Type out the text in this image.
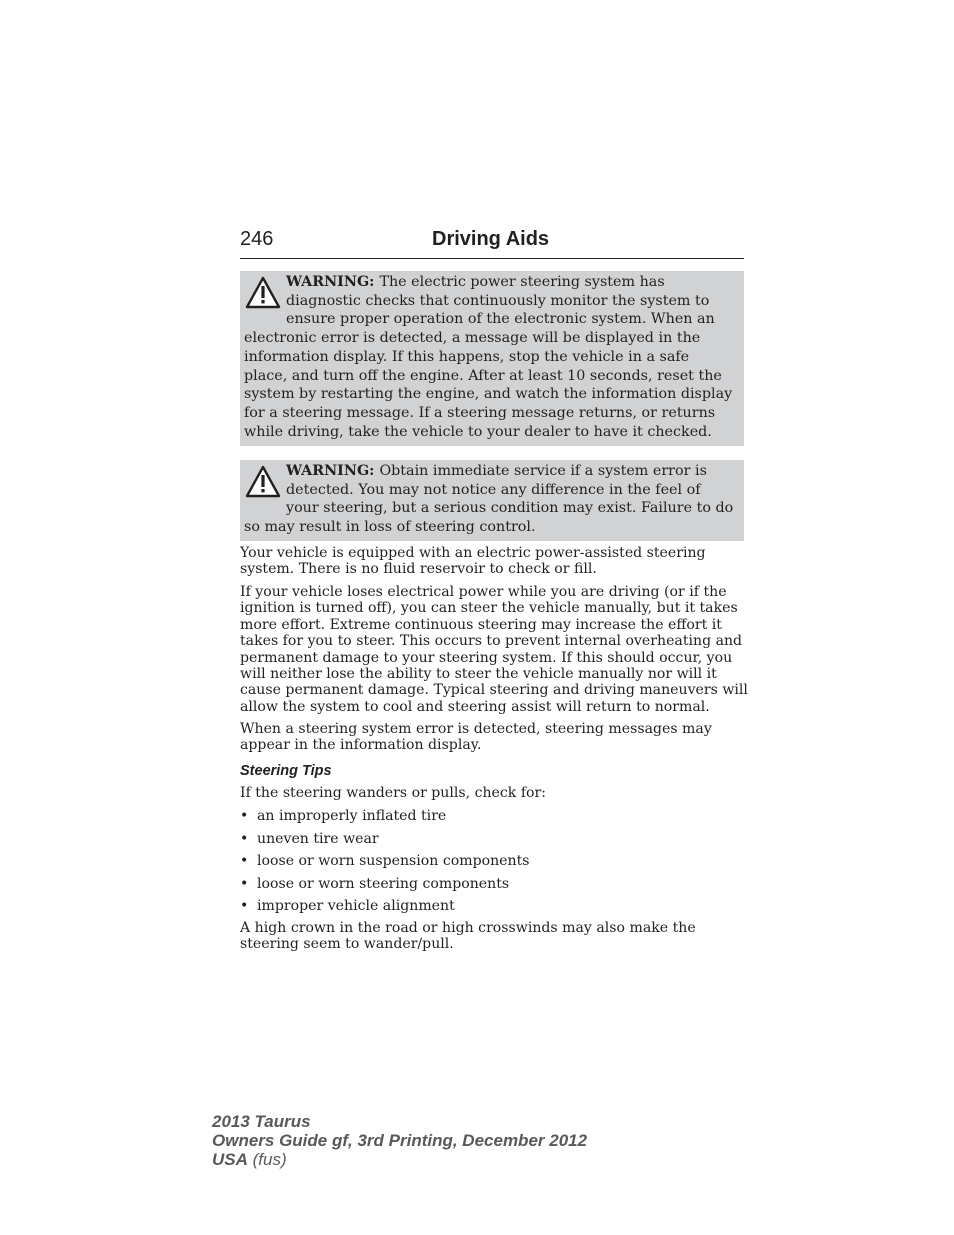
246	Driving Aids
WARNING: The electric power steering system has diagnostic checks that continuously monitor the system to ensure proper operation of the electronic system. When an electronic error is detected, a message will be displayed in the information display. If this happens, stop the vehicle in a safe place, and turn off the engine. After at least 10 seconds, reset the system by restarting the engine, and watch the information display for a steering message. If a steering message returns, or returns while driving, take the vehicle to your dealer to have it checked.
WARNING: Obtain immediate service if a system error is detected. You may not notice any difference in the feel of your steering, but a serious condition may exist. Failure to do so may result in loss of steering control.

Your vehicle is equipped with an electric power-assisted steering system. There is no fluid reservoir to check or fill.

If your vehicle loses electrical power while you are driving (or if the ignition is turned off), you can steer the vehicle manually, but it takes more effort. Extreme continuous steering may increase the effort it takes for you to steer. This occurs to prevent internal overheating and permanent damage to your steering system. If this should occur, you will neither lose the ability to steer the vehicle manually nor will it cause permanent damage. Typical steering and driving maneuvers will allow the system to cool and steering assist will return to normal.

When a steering system error is detected, steering messages may appear in the information display.

Steering Tips

If the steering wanders or pulls, check for:

• an improperly inflated tire
• uneven tire wear
• loose or worn suspension components
• loose or worn steering components
• improper vehicle alignment

A high crown in the road or high crosswinds may also make the steering seem to wander/pull.

2013 Taurus
Owners Guide gf, 3rd Printing, December 2012
USA (fus)
